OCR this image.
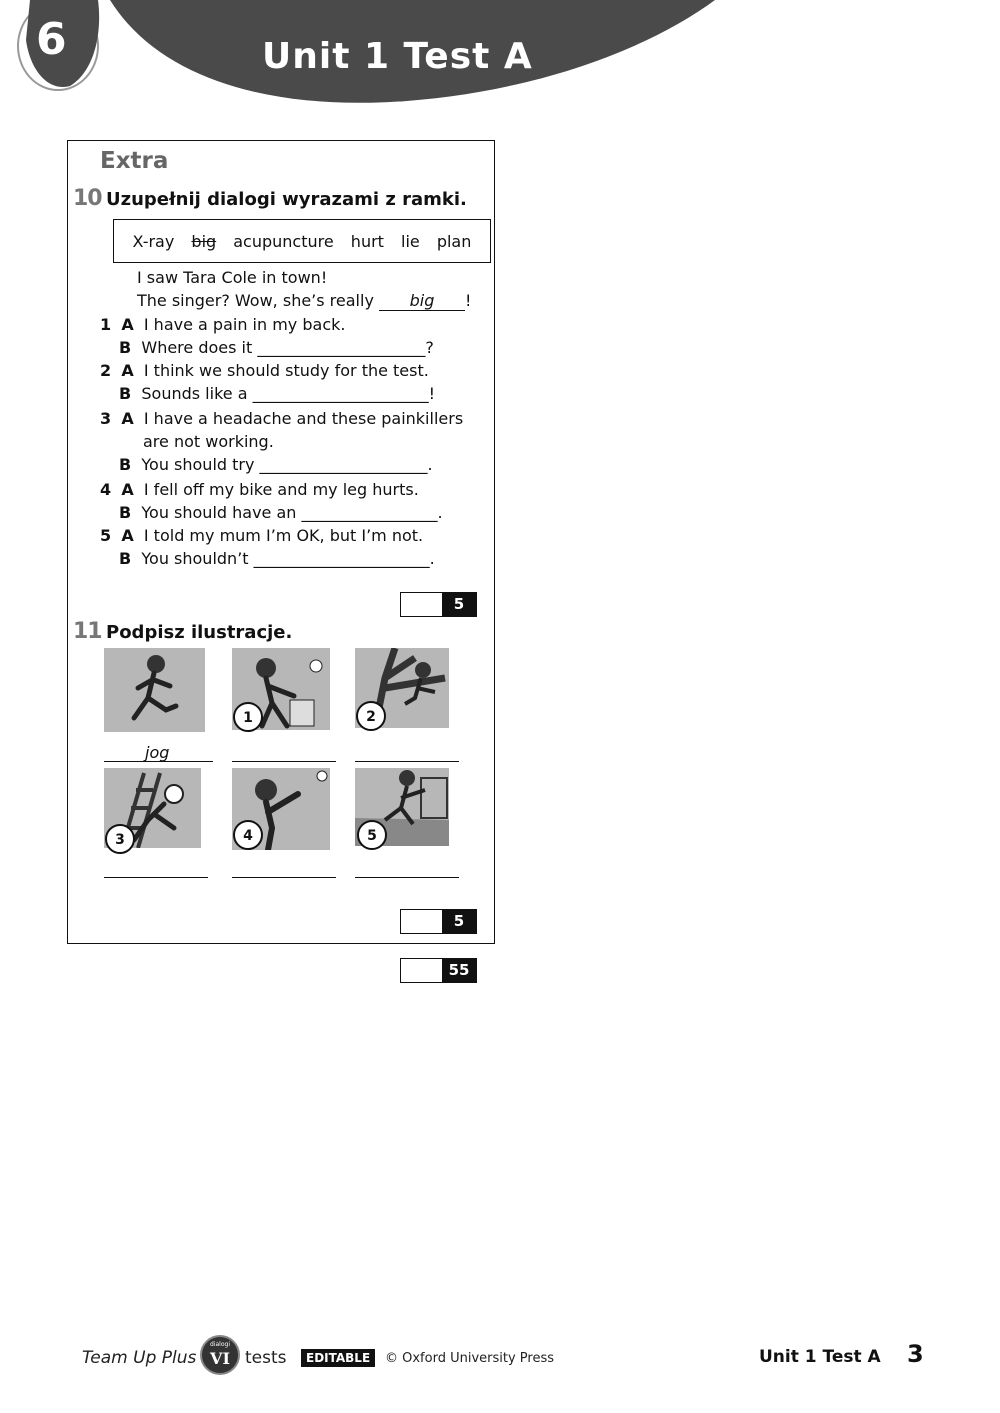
6	Unit 1 Test A
Extra
10 Uzupełnij dialogi wyrazami z ramki.
X-ray big acupuncture hurt lie plan
I saw Tara Cole in town!
The singer? Wow, she’s really big !
1 A I have a pain in my back.
B Where does it _____________________?
2 A I think we should study for the test.
B Sounds like a ______________________!
3 A I have a headache and these painkillers
are not working.
B You should try _____________________.
4 A I fell off my bike and my leg hurts.
B You should have an _________________.
5 A I told my mum I’m OK, but I’m not.
B You shouldn’t ______________________.
5
11 Podpisz ilustracje.
1	2
jog
3	4	5
5
55
Team Up Plus
dialogi
VI tests	EDITABLE	© Oxford University Press	Unit 1 Test A 3
